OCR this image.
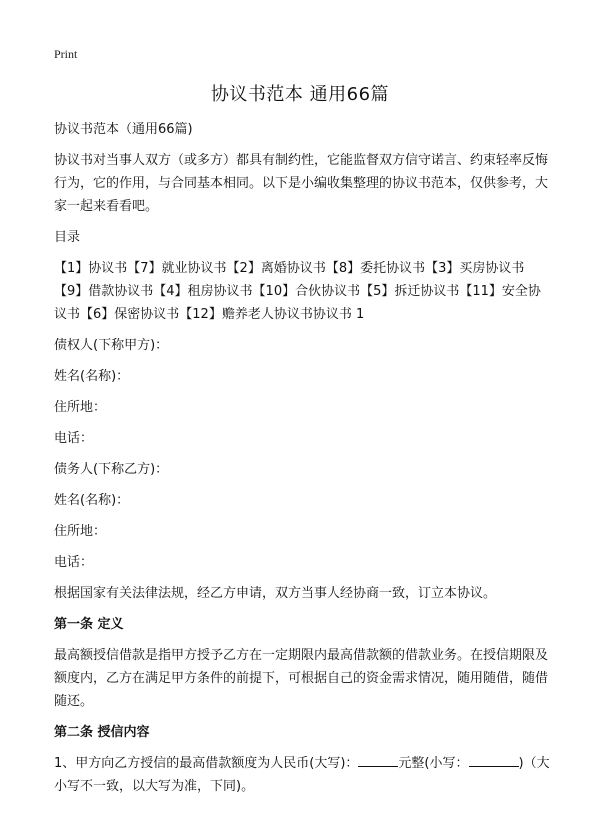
Print
协议书范本 通用66篇
协议书范本（通用66篇)
协议书对当事人双方（或多方）都具有制约性，它能监督双方信守诺言、约束轻率反悔行为，它的作用，与合同基本相同。以下是小编收集整理的协议书范本，仅供参考，大家一起来看看吧。
目录
【1】协议书【7】就业协议书【2】离婚协议书【8】委托协议书【3】买房协议书【9】借款协议书【4】租房协议书【10】合伙协议书【5】拆迁协议书【11】安全协议书【6】保密协议书【12】赡养老人协议书协议书 1
债权人(下称甲方)：
姓名(名称)：
住所地：
电话：
债务人(下称乙方)：
姓名(名称)：
住所地：
电话：
根据国家有关法律法规，经乙方申请，双方当事人经协商一致，订立本协议。
第一条 定义
最高额授信借款是指甲方授予乙方在一定期限内最高借款额的借款业务。在授信期限及额度内，乙方在满足甲方条件的前提下，可根据自己的资金需求情况，随用随借，随借随还。
第二条 授信内容
1、甲方向乙方授信的最高借款额度为人民币(大写)：	元整(小写：	)（大小写不一致，以大写为准，下同)。
